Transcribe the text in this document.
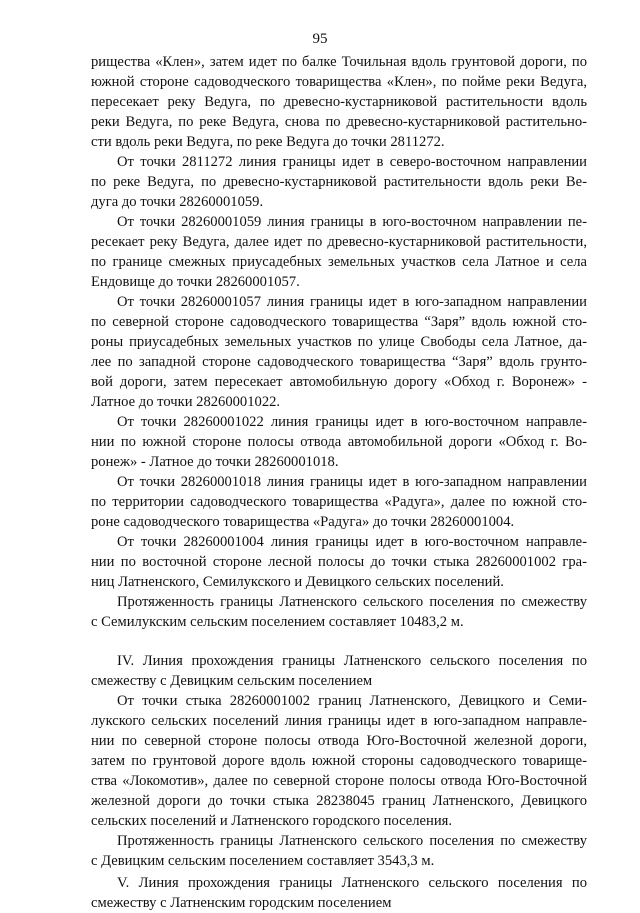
95
рищества «Клен», затем идет по балке Точильная вдоль грунтовой дороги, по
южной стороне садоводческого товарищества «Клен», по пойме реки Ведуга,
пересекает реку Ведуга, по древесно-кустарниковой растительности вдоль
реки Ведуга, по реке Ведуга, снова по древесно-кустарниковой растительно-
сти вдоль реки Ведуга, по реке Ведуга до точки 2811272.
От точки 2811272 линия границы идет в северо-восточном направлении
по реке Ведуга, по древесно-кустарниковой растительности вдоль реки Ве-
дуга до точки 28260001059.
От точки 28260001059 линия границы в юго-восточном направлении пе-
ресекает реку Ведуга, далее идет по древесно-кустарниковой растительности,
по границе смежных приусадебных земельных участков села Латное и села
Ендовище до точки 28260001057.
От точки 28260001057 линия границы идет в юго-западном направлении
по северной стороне садоводческого товарищества “Заря” вдоль южной сто-
роны приусадебных земельных участков по улице Свободы села Латное, да-
лее по западной стороне садоводческого товарищества “Заря” вдоль грунто-
вой дороги, затем пересекает автомобильную дорогу «Обход г. Воронеж» -
Латное до точки 28260001022.
От точки 28260001022 линия границы идет в юго-восточном направле-
нии по южной стороне полосы отвода автомобильной дороги «Обход г. Во-
ронеж» - Латное до точки 28260001018.
От точки 28260001018 линия границы идет в юго-западном направлении
по территории садоводческого товарищества «Радуга», далее по южной сто-
роне садоводческого товарищества «Радуга» до точки 28260001004.
От точки 28260001004 линия границы идет в юго-восточном направле-
нии по восточной стороне лесной полосы до точки стыка 28260001002 гра-
ниц Латненского, Семилукского и Девицкого сельских поселений.
Протяженность границы Латненского сельского поселения по смежеству
с Семилукским сельским поселением составляет 10483,2 м.
IV. Линия прохождения границы Латненского сельского поселения по
смежеству с Девицким сельским поселением
От точки стыка 28260001002 границ Латненского, Девицкого и Семи-
лукского сельских поселений линия границы идет в юго-западном направле-
нии по северной стороне полосы отвода Юго-Восточной железной дороги,
затем по грунтовой дороге вдоль южной стороны садоводческого товарище-
ства «Локомотив», далее по северной стороне полосы отвода Юго-Восточной
железной дороги до точки стыка 28238045 границ Латненского, Девицкого
сельских поселений и Латненского городского поселения.
Протяженность границы Латненского сельского поселения по смежеству
с Девицким сельским поселением составляет 3543,3 м.
V. Линия прохождения границы Латненского сельского поселения по
смежеству с Латненским городским поселением
